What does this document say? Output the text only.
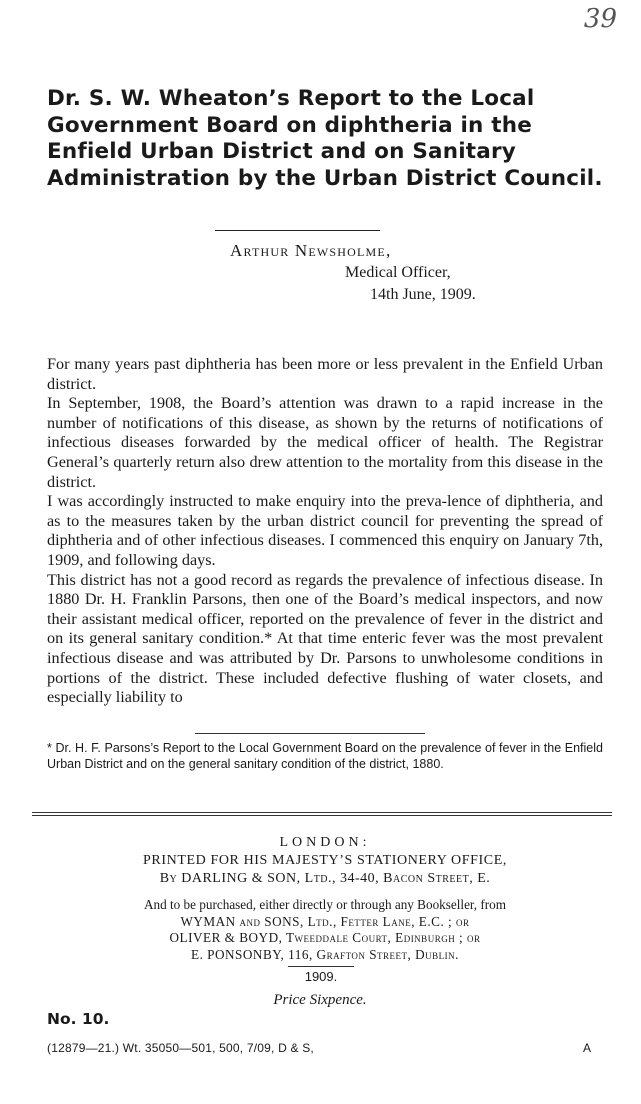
39
Dr. S. W. Wheaton’s Report to the Local Government Board on diphtheria in the Enfield Urban District and on Sanitary Administration by the Urban District Council.
Arthur Newsholme,
Medical Officer,
14th June, 1909.

For many years past diphtheria has been more or less prevalent in the Enfield Urban district.

In September, 1908, the Board’s attention was drawn to a rapid increase in the number of notifications of this disease, as shown by the returns of notifications of infectious diseases forwarded by the medical officer of health. The Registrar General’s quarterly return also drew attention to the mortality from this disease in the district.

I was accordingly instructed to make enquiry into the preva-lence of diphtheria, and as to the measures taken by the urban district council for preventing the spread of diphtheria and of other infectious diseases. I commenced this enquiry on January 7th, 1909, and following days.

This district has not a good record as regards the prevalence of infectious disease. In 1880 Dr. H. Franklin Parsons, then one of the Board’s medical inspectors, and now their assistant medical officer, reported on the prevalence of fever in the district and on its general sanitary condition.* At that time enteric fever was the most prevalent infectious disease and was attributed by Dr. Parsons to unwholesome conditions in portions of the district. These included defective flushing of water closets, and especially liability to

* Dr. H. F. Parsons’s Report to the Local Government Board on the prevalence of fever in the Enfield Urban District and on the general sanitary condition of the district, 1880.

LONDON:

PRINTED FOR HIS MAJESTY’S STATIONERY OFFICE,

By DARLING & SON, Ltd., 34-40, Bacon Street, E.

And to be purchased, either directly or through any Bookseller, from
WYMAN and SONS, Ltd., Fetter Lane, E.C. ; or
OLIVER & BOYD, Tweeddale Court, Edinburgh ; or
E. PONSONBY, 116, Grafton Street, Dublin.
1909.
Price Sixpence.
No. 10.
(12879—21.) Wt. 35050—501, 500, 7/09, D & S,	A
